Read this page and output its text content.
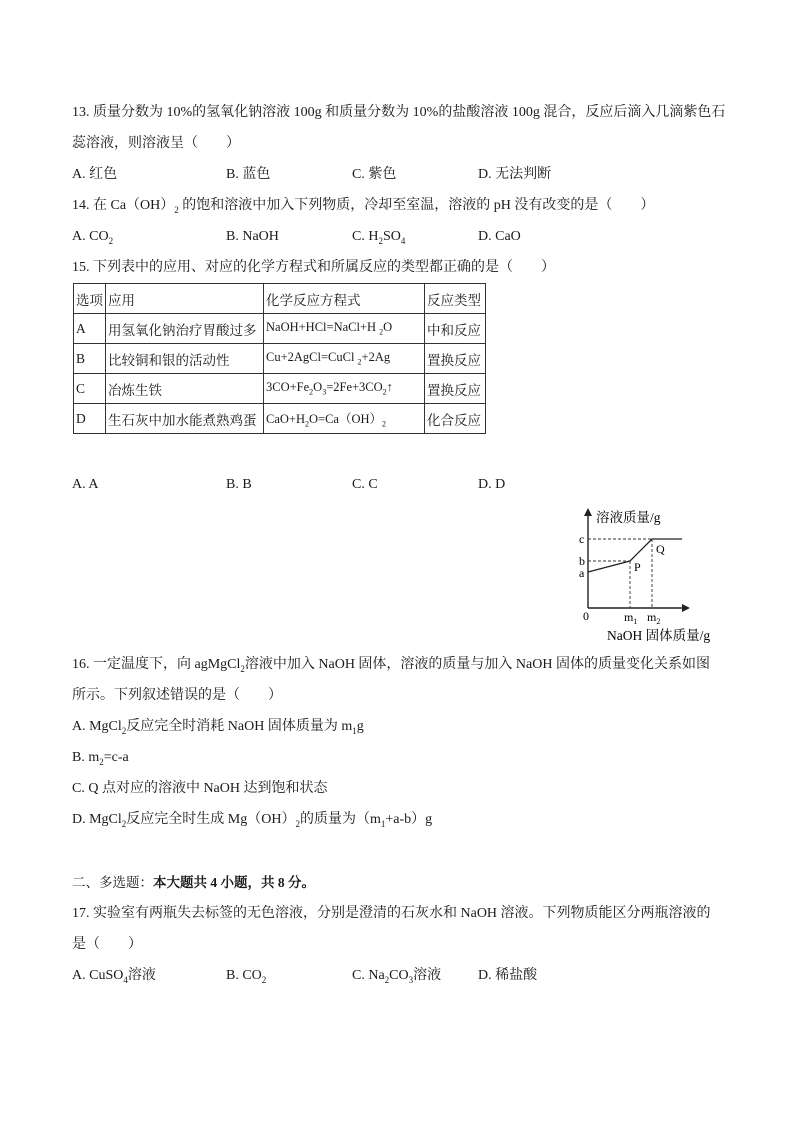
13. 质量分数为 10%的氢氧化钠溶液 100g 和质量分数为 10%的盐酸溶液 100g 混合，反应后滴入几滴紫色石
蕊溶液，则溶液呈（　　）
A. 红色	B. 蓝色	C. 紫色	D. 无法判断
14. 在 $Ca(OH)_2$ 的饱和溶液中加入下列物质，冷却至室温，溶液的 pH 没有改变的是（　　）
A. $CO_2$	B. NaOH	C. $H_2SO_4$	D. CaO
15. 下列表中的应用、对应的化学方程式和所属反应的类型都正确的是（　　）
选项	应用	化学反应方程式	反应类型
A	用氢氧化钠治疗胃酸过多	NaOH+HCl=NaCl+H $_2$O	中和反应
B	比较铜和银的活动性	Cu+2AgCl=CuCl $_2$+2Ag	置换反应
C	冶炼生铁	$3CO+Fe_2O_3=2Fe+3CO_2↑$	置换反应
D	生石灰中加水能煮熟鸡蛋	$CaO+H_2O=Ca(OH)_2$	化合反应
A. A	B. B	C. C	D. D
溶液质量/g
NaOH 固体质量/g
0
c
b
a	P
Q
$m_1$ $m_2$
16. 一定温度下，向 agMgCl$_2$溶液中加入 NaOH 固体，溶液的质量与加入 NaOH 固体的质量变化关系如图
所示。下列叙述错误的是（　　）
A. MgCl$_2$反应完全时消耗 NaOH 固体质量为 $m_1g$
B. $m_2=c-a$
C. Q 点对应的溶液中 NaOH 达到饱和状态
D. MgCl$_2$反应完全时生成 $Mg(OH)_2$的质量为$(m_1+a-b)g$
二、多选题：本大题共 4 小题，共 8 分。
17. 实验室有两瓶失去标签的无色溶液，分别是澄清的石灰水和 NaOH 溶液。下列物质能区分两瓶溶液的
是（　　）
A. CuSO$_4$溶液	B. $CO_2$	C. $Na_2CO_3$溶液	D. 稀盐酸
